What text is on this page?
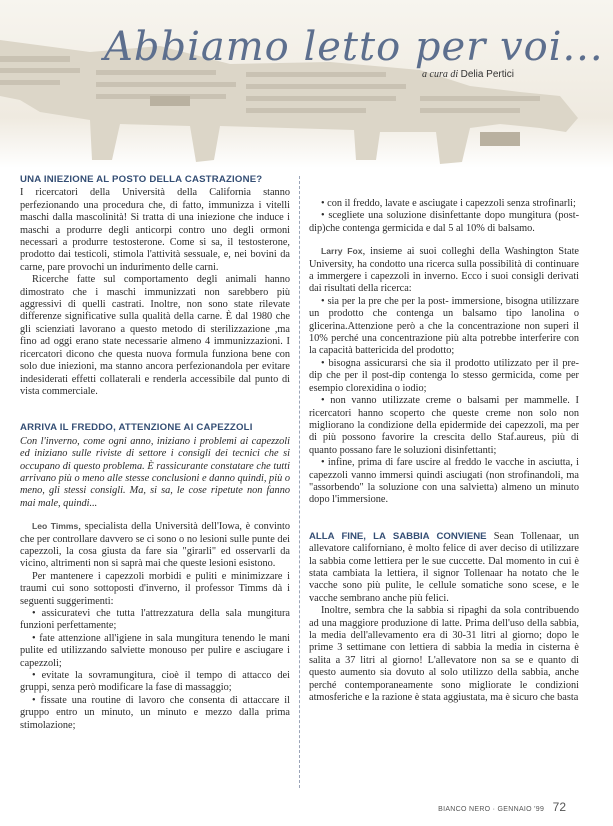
Abbiamo letto per voi...
a cura di Delia Pertici
UNA INIEZIONE AL POSTO DELLA CASTRAZIONE?

I ricercatori della Università della California stanno perfezionando una procedura che, di fatto, immunizza i vitelli maschi dalla mascolinità! Si tratta di una iniezione che induce i maschi a produrre degli anticorpi contro uno degli ormoni necessari a produrre testosterone. Come si sa, il testosterone, prodotto dai testicoli, stimola l'attività sessuale, e, nei bovini da carne, pare provochi un indurimento delle carni.

Ricerche fatte sul comportamento degli animali hanno dimostrato che i maschi immunizzati non sarebbero più aggressivi di quelli castrati. Inoltre, non sono state rilevate differenze significative sulla qualità della carne. È dal 1980 che gli scienziati lavorano a questo metodo di sterilizzazione ,ma fino ad oggi erano state necessarie almeno 4 immunizzazioni. I ricercatori dicono che questa nuova formula funziona bene con solo due iniezioni, ma stanno ancora perfezionandola per evitare indesiderati effetti collaterali e renderla accessibile dal punto di vista commerciale.

ARRIVA IL FREDDO, ATTENZIONE AI CAPEZZOLI

Con l'inverno, come ogni anno, iniziano i problemi ai capezzoli ed iniziano sulle riviste di settore i consigli dei tecnici che si occupano di questo problema. È rassicurante constatare che tutti arrivano più o meno alle stesse conclusioni e danno quindi, più o meno, gli stessi consigli. Ma, si sa, le cose ripetute non fanno mai male, quindi...

Leo Timms, specialista della Università dell'Iowa, è convinto che per controllare davvero se ci sono o no lesioni sulle punte dei capezzoli, la cosa giusta da fare sia "girarli" ed osservarli da vicino, altrimenti non si saprà mai che queste lesioni esistono.

Per mantenere i capezzoli morbidi e puliti e minimizzare i traumi cui sono sottoposti d'inverno, il professor Timms dà i seguenti suggerimenti:

• assicuratevi che tutta l'attrezzatura della sala mungitura funzioni perfettamente;

• fate attenzione all'igiene in sala mungitura tenendo le mani pulite ed utilizzando salviette monouso per pulire e asciugare i capezzoli;

• evitate la sovramungitura, cioè il tempo di attacco dei gruppi, senza però modificare la fase di massaggio;

• fissate una routine di lavoro che consenta di attaccare il gruppo entro un minuto, un minuto e mezzo dalla prima stimolazione;

• con il freddo, lavate e asciugate i capezzoli senza strofinarli;

• scegliete una soluzione disinfettante dopo mungitura (post-dip)che contenga germicida e dal 5 al 10% di balsamo.

Larry Fox, insieme ai suoi colleghi della Washington State University, ha condotto una ricerca sulla possibilità di continuare a immergere i capezzoli in inverno. Ecco i suoi consigli derivati dai risultati della ricerca:

• sia per la pre che per la post- immersione, bisogna utilizzare un prodotto che contenga un balsamo tipo lanolina o glicerina.Attenzione però a che la concentrazione non superi il 10% perché una concentrazione più alta potrebbe interferire con la capacità battericida del prodotto;

• bisogna assicurarsi che sia il prodotto utilizzato per il pre-dip che per il post-dip contenga lo stesso germicida, come per esempio clorexidina o iodio;

• non vanno utilizzate creme o balsami per mammelle. I ricercatori hanno scoperto che queste creme non solo non migliorano la condizione della epidermide dei capezzoli, ma per di più possono favorire la crescita dello Staf.aureus, più di quanto possano fare le soluzioni disinfettanti;

• infine, prima di fare uscire al freddo le vacche in asciutta, i capezzoli vanno immersi quindi asciugati (non strofinandoli, ma "assorbendo" la soluzione con una salvietta) almeno un minuto dopo l'immersione.

ALLA FINE, LA SABBIA CONVIENE Sean Tollenaar, un allevatore californiano, è molto felice di aver deciso di utilizzare la sabbia come lettiera per le sue cuccette. Dal momento in cui è stata cambiata la lettiera, il signor Tollenaar ha notato che le vacche sono più pulite, le cellule somatiche sono scese, e le vacche sembrano anche più felici.

Inoltre, sembra che la sabbia si ripaghi da sola contribuendo ad una maggiore produzione di latte. Prima dell'uso della sabbia, la media dell'allevamento era di 30-31 litri al giorno; dopo le prime 3 settimane con lettiera di sabbia la media in cisterna è salita a 37 litri al giorno! L'allevatore non sa se e quanto di questo aumento sia dovuto al solo utilizzo della sabbia, anche perché contemporaneamente sono migliorate le condizioni atmosferiche e la razione è stata aggiustata, ma è sicuro che basta

BIANCO NERO · GENNAIO '99 72
